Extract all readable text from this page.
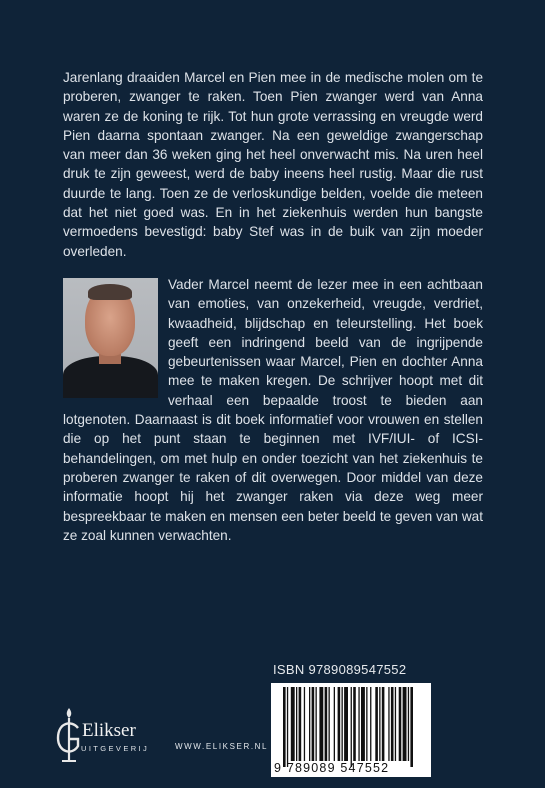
Jarenlang draaiden Marcel en Pien mee in de medische molen om te proberen, zwanger te raken. Toen Pien zwanger werd van Anna waren ze de koning te rijk. Tot hun grote verrassing en vreugde werd Pien daarna spontaan zwanger. Na een geweldige zwangerschap van meer dan 36 weken ging het heel onverwacht mis. Na uren heel druk te zijn geweest, werd de baby ineens heel rustig. Maar die rust duurde te lang. Toen ze de verloskundige belden, voelde die meteen dat het niet goed was. En in het ziekenhuis werden hun bangste vermoedens bevestigd: baby Stef was in de buik van zijn moeder overleden.

Vader Marcel neemt de lezer mee in een achtbaan van emoties, van onzekerheid, vreugde, verdriet, kwaadheid, blijdschap en teleurstelling. Het boek geeft een indringend beeld van de ingrijpende gebeurtenissen waar Marcel, Pien en dochter Anna mee te maken kregen. De schrijver hoopt met dit verhaal een bepaalde troost te bieden aan lotgenoten. Daarnaast is dit boek informatief voor vrouwen en stellen die op het punt staan te beginnen met IVF/IUI- of ICSI-behandelingen, om met hulp en onder toezicht van het ziekenhuis te proberen zwanger te raken of dit overwegen. Door middel van deze informatie hoopt hij het zwanger raken via deze weg meer bespreekbaar te maken en mensen een beter beeld te geven van wat ze zoal kunnen verwachten.

ISBN 9789089547552
9 789089 547552
Elikser
UITGEVERIJ	WWW.ELIKSER.NL
